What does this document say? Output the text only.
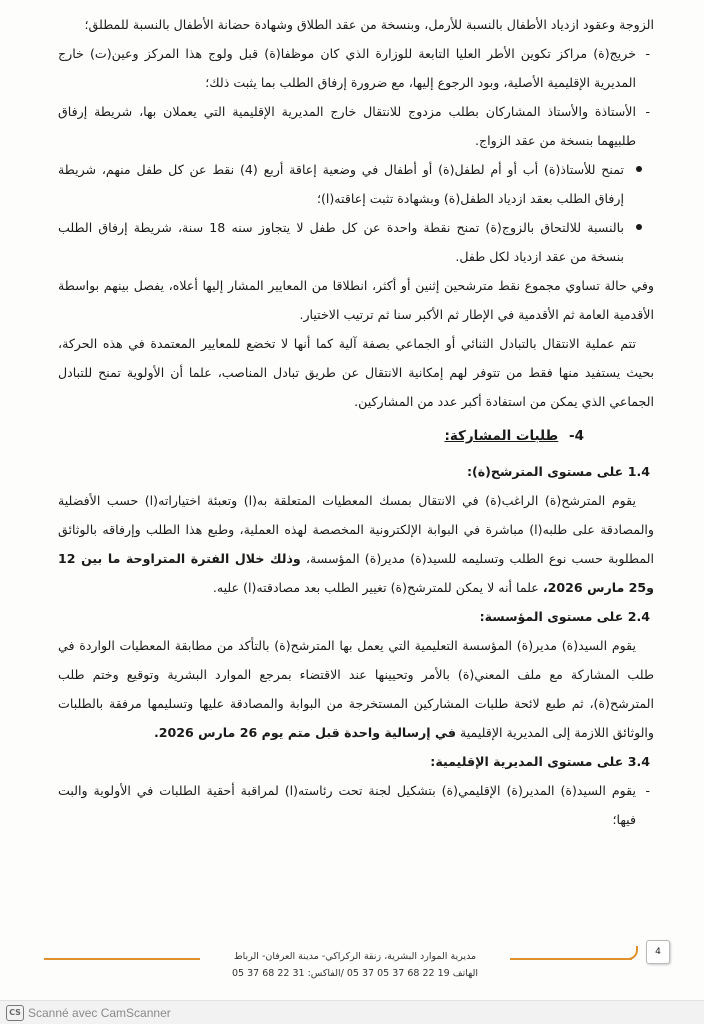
الزوجة وعقود ازدياد الأطفال بالنسبة للأرمل، وبنسخة من عقد الطلاق وشهادة حضانة الأطفال بالنسبة للمطلق؛

- خريج(ة) مراكز تكوين الأطر العليا التابعة للوزارة الذي كان موظفا(ة) قبل ولوج هذا المركز وعين(ت) خارج المديرية الإقليمية الأصلية، وبود الرجوع إليها، مع ضرورة إرفاق الطلب بما يثبت ذلك؛

- الأستاذة والأستاذ المشاركان بطلب مزدوج للانتقال خارج المديرية الإقليمية التي يعملان بها، شريطة إرفاق طلبيهما بنسخة من عقد الزواج.

تمنح للأستاذ(ة) أب أو أم لطفل(ة) أو أطفال في وضعية إعاقة أربع (4) نقط عن كل طفل منهم، شريطة إرفاق الطلب بعقد ازدياد الطفل(ة) وبشهادة تثبت إعاقته(ا)؛

بالنسبة للالتحاق بالزوج(ة) تمنح نقطة واحدة عن كل طفل لا يتجاوز سنه 18 سنة، شريطة إرفاق الطلب بنسخة من عقد ازدياد لكل طفل.

وفي حالة تساوي مجموع نقط مترشحين إثنين أو أكثر، انطلاقا من المعايير المشار إليها أعلاه، يفصل بينهم بواسطة الأقدمية العامة ثم الأقدمية في الإطار ثم الأكبر سنا ثم ترتيب الاختيار.

تتم عملية الانتقال بالتبادل الثنائي أو الجماعي بصفة آلية كما أنها لا تخضع للمعايير المعتمدة في هذه الحركة، بحيث يستفيد منها فقط من تتوفر لهم إمكانية الانتقال عن طريق تبادل المناصب، علما أن الأولوية تمنح للتبادل الجماعي الذي يمكن من استفادة أكبر عدد من المشاركين.

4- طلبات المشاركة:
1.4 على مستوى المترشح(ة):

يقوم المترشح(ة) الراغب(ة) في الانتقال بمسك المعطيات المتعلقة به(ا) وتعبئة اختياراته(ا) حسب الأفضلية والمصادقة على طلبه(ا) مباشرة في البوابة الإلكترونية المخصصة لهذه العملية، وطبع هذا الطلب وإرفاقه بالوثائق المطلوبة حسب نوع الطلب وتسليمه للسيد(ة) مدير(ة) المؤسسة، وذلك خلال الفترة المتراوحة ما بين 12 و25 مارس 2026، علما أنه لا يمكن للمترشح(ة) تغيير الطلب بعد مصادقته(ا) عليه.

2.4 على مستوى المؤسسة:

يقوم السيد(ة) مدير(ة) المؤسسة التعليمية التي يعمل بها المترشح(ة) بالتأكد من مطابقة المعطيات الواردة في طلب المشاركة مع ملف المعني(ة) بالأمر وتحيينها عند الاقتضاء بمرجع الموارد البشرية وتوقيع وختم طلب المترشح(ة)، ثم طبع لائحة طلبات المشاركين المستخرجة من البوابة والمصادقة عليها وتسليمها مرفقة بالطلبات والوثائق اللازمة إلى المديرية الإقليمية في إرسالية واحدة قبل متم يوم 26 مارس 2026.

3.4 على مستوى المديرية الإقليمية:

- يقوم السيد(ة) المدير(ة) الإقليمي(ة) بتشكيل لجنة تحت رئاسته(ا) لمراقبة أحقية الطلبات في الأولوية والبت فيها؛

مديرية الموارد البشرية، زنقة الركراكي- مدينة العرفان- الرباط
الهاتف 19 22 68 37 05 37 05 /الفاكس: 31 22 68 37 05
4
CS Scanné avec CamScanner
